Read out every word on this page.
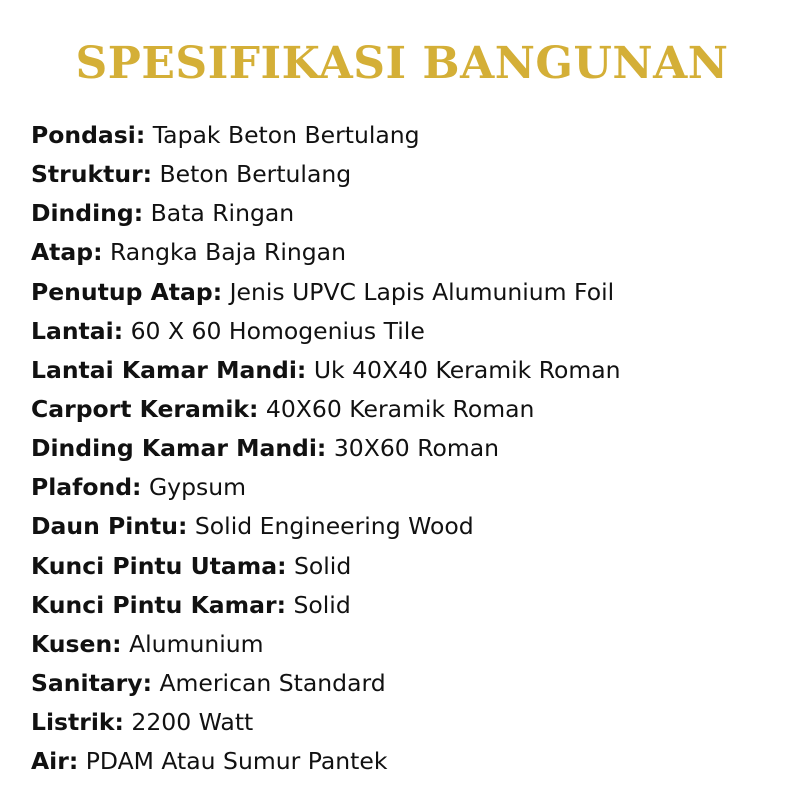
SPESIFIKASI BANGUNAN
Pondasi: Tapak Beton Bertulang
Struktur: Beton Bertulang
Dinding: Bata Ringan
Atap: Rangka Baja Ringan
Penutup Atap: Jenis UPVC Lapis Alumunium Foil
Lantai: 60 X 60 Homogenius Tile
Lantai Kamar Mandi: Uk 40X40 Keramik Roman
Carport Keramik: 40X60 Keramik Roman
Dinding Kamar Mandi: 30X60 Roman
Plafond: Gypsum
Daun Pintu: Solid Engineering Wood
Kunci Pintu Utama: Solid
Kunci Pintu Kamar: Solid
Kusen: Alumunium
Sanitary: American Standard
Listrik: 2200 Watt
Air: PDAM Atau Sumur Pantek
